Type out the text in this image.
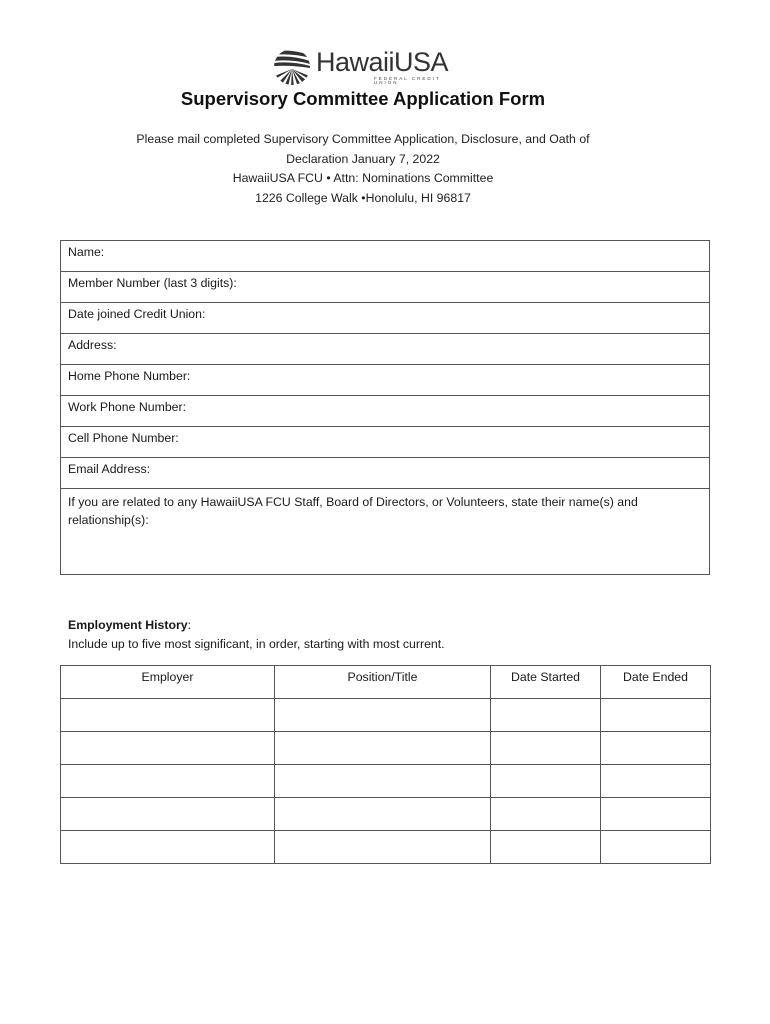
HawaiiUSA
FEDERAL CREDIT UNION
Supervisory Committee Application Form
Please mail completed Supervisory Committee Application, Disclosure, and Oath of
Declaration January 7, 2022
HawaiiUSA FCU • Attn: Nominations Committee
1226 College Walk •Honolulu, HI 96817
Name:
Member Number (last 3 digits):
Date joined Credit Union:
Address:
Home Phone Number:
Work Phone Number:
Cell Phone Number:
Email Address:
If you are related to any HawaiiUSA FCU Staff, Board of Directors, or Volunteers, state their name(s) and relationship(s):
Employment History:
Include up to five most significant, in order, starting with most current.
Employer	Position/Title	Date Started	Date Ended
